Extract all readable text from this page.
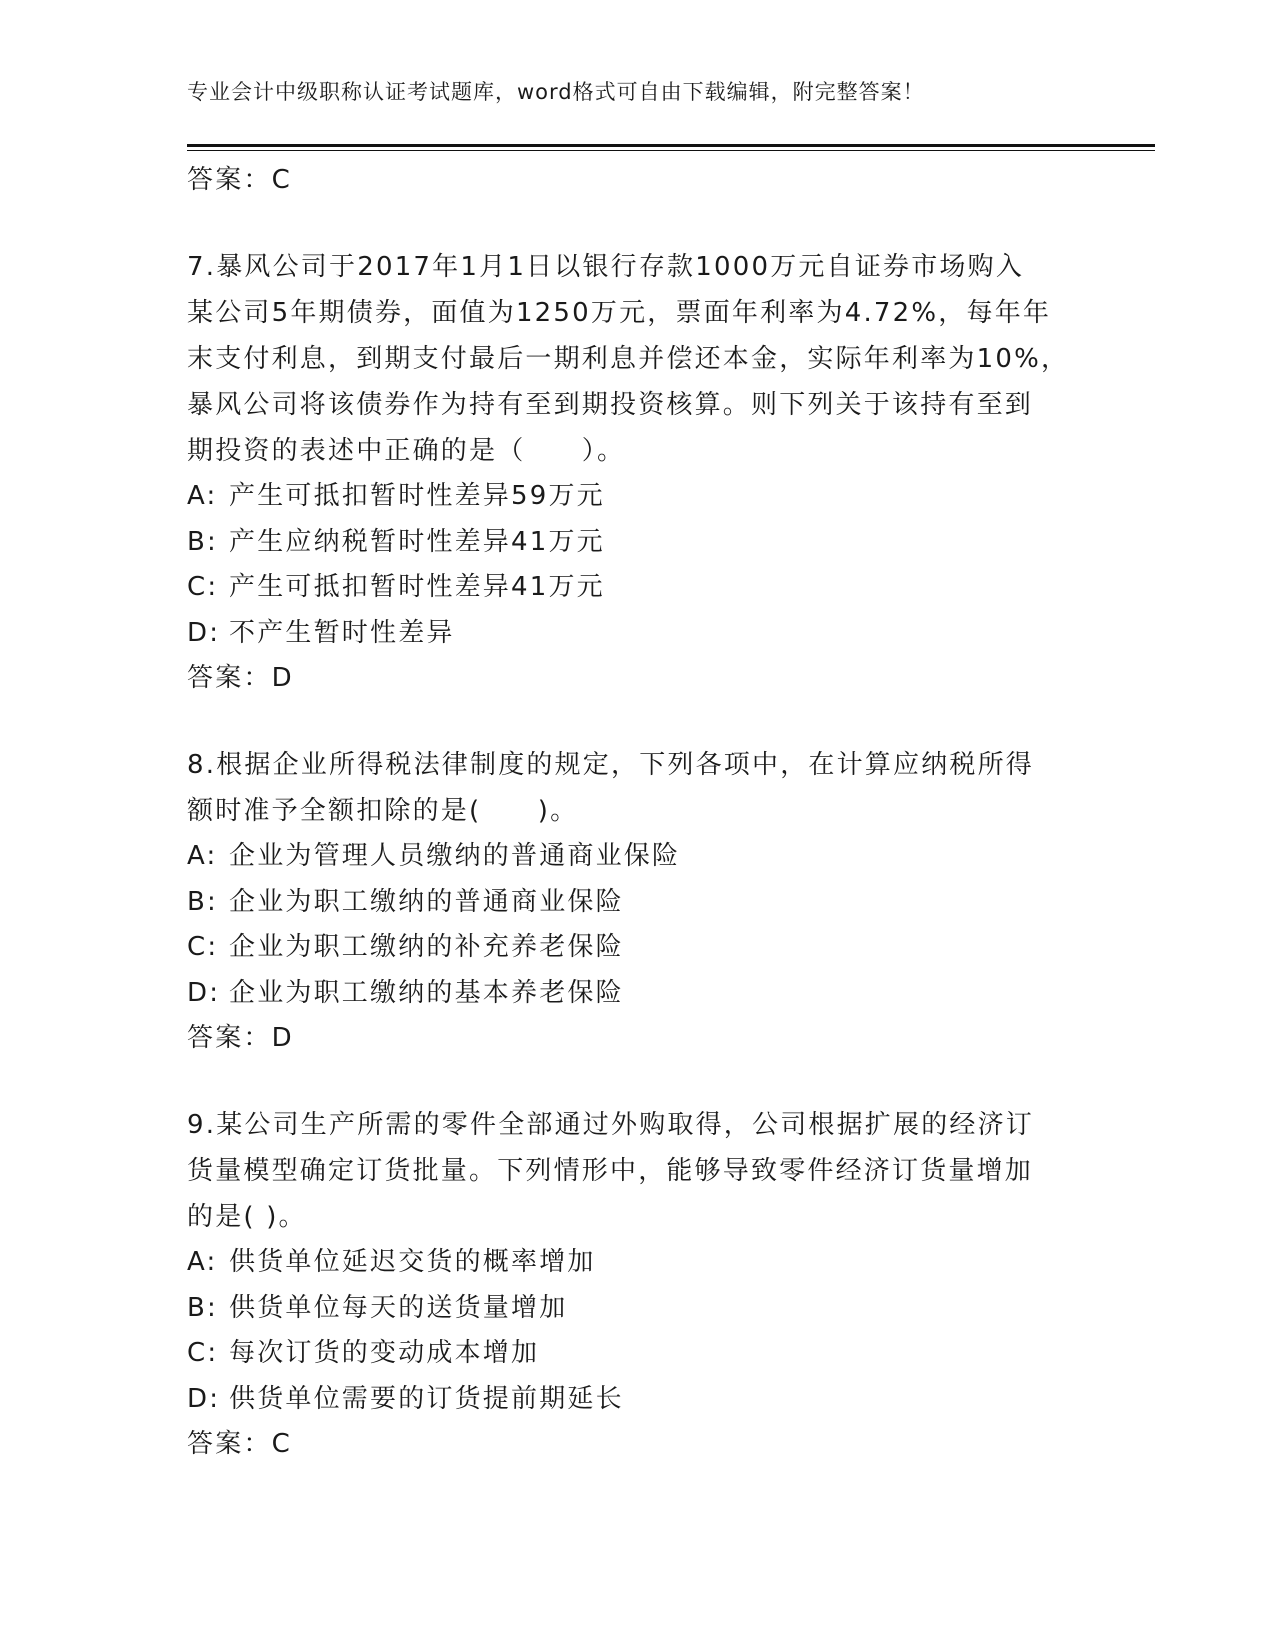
专业会计中级职称认证考试题库，word格式可自由下载编辑，附完整答案！
答案：C
7.暴风公司于2017年1月1日以银行存款1000万元自证券市场购入
某公司5年期债券，面值为1250万元，票面年利率为4.72%，每年年
末支付利息，到期支付最后一期利息并偿还本金，实际年利率为10%，
暴风公司将该债券作为持有至到期投资核算。则下列关于该持有至到
期投资的表述中正确的是（　　）。
A: 产生可抵扣暂时性差异59万元
B: 产生应纳税暂时性差异41万元
C: 产生可抵扣暂时性差异41万元
D: 不产生暂时性差异
答案：D
8.根据企业所得税法律制度的规定，下列各项中，在计算应纳税所得
额时准予全额扣除的是(　　)。
A: 企业为管理人员缴纳的普通商业保险
B: 企业为职工缴纳的普通商业保险
C: 企业为职工缴纳的补充养老保险
D: 企业为职工缴纳的基本养老保险
答案：D
9.某公司生产所需的零件全部通过外购取得，公司根据扩展的经济订
货量模型确定订货批量。下列情形中，能够导致零件经济订货量增加
的是( )。
A: 供货单位延迟交货的概率增加
B: 供货单位每天的送货量增加
C: 每次订货的变动成本增加
D: 供货单位需要的订货提前期延长
答案：C
